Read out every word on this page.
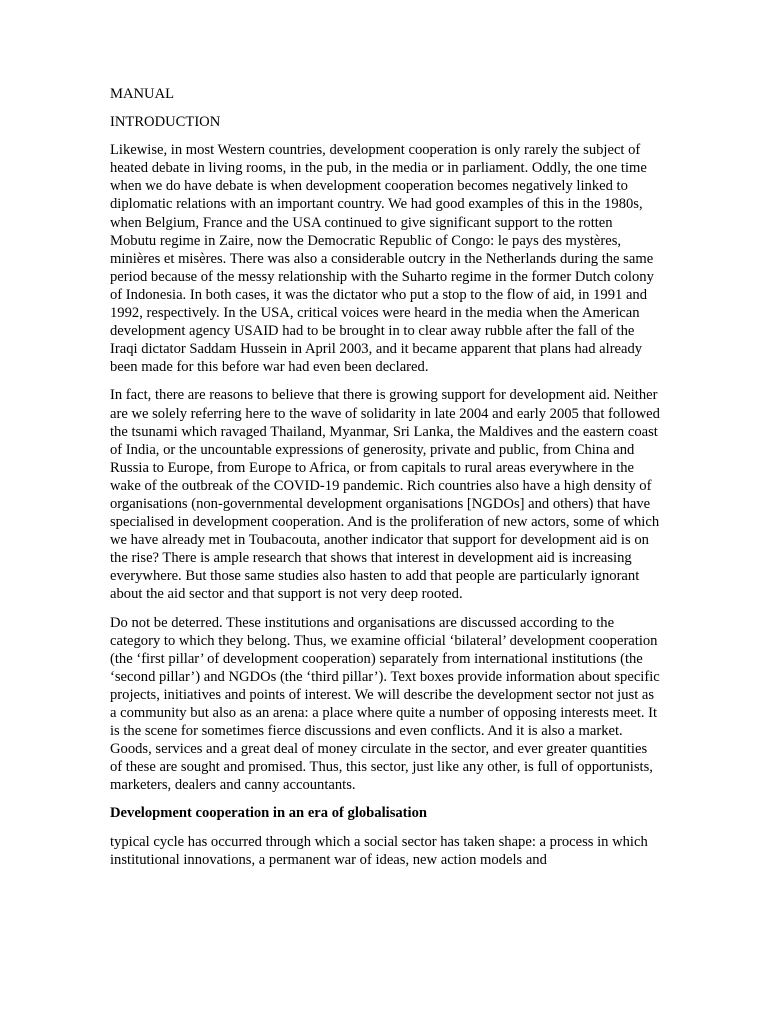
MANUAL

INTRODUCTION

Likewise, in most Western countries, development cooperation is only rarely the subject of heated debate in living rooms, in the pub, in the media or in parliament. Oddly, the one time when we do have debate is when development cooperation becomes negatively linked to diplomatic relations with an important country. We had good examples of this in the 1980s, when Belgium, France and the USA continued to give significant support to the rotten Mobutu regime in Zaire, now the Democratic Republic of Congo: le pays des mystères, minières et misères. There was also a considerable outcry in the Netherlands during the same period because of the messy relationship with the Suharto regime in the former Dutch colony of Indonesia. In both cases, it was the dictator who put a stop to the flow of aid, in 1991 and 1992, respectively. In the USA, critical voices were heard in the media when the American development agency USAID had to be brought in to clear away rubble after the fall of the Iraqi dictator Saddam Hussein in April 2003, and it became apparent that plans had already been made for this before war had even been declared.

In fact, there are reasons to believe that there is growing support for development aid. Neither are we solely referring here to the wave of solidarity in late 2004 and early 2005 that followed the tsunami which ravaged Thailand, Myanmar, Sri Lanka, the Maldives and the eastern coast of India, or the uncountable expressions of generosity, private and public, from China and Russia to Europe, from Europe to Africa, or from capitals to rural areas everywhere in the wake of the outbreak of the COVID-19 pandemic. Rich countries also have a high density of organisations (non-governmental development organisations [NGDOs] and others) that have specialised in development cooperation. And is the proliferation of new actors, some of which we have already met in Toubacouta, another indicator that support for development aid is on the rise? There is ample research that shows that interest in development aid is increasing everywhere. But those same studies also hasten to add that people are particularly ignorant about the aid sector and that support is not very deep rooted.

Do not be deterred. These institutions and organisations are discussed according to the category to which they belong. Thus, we examine official ‘bilateral’ development cooperation (the ‘first pillar’ of development cooperation) separately from international institutions (the ‘second pillar’) and NGDOs (the ‘third pillar’). Text boxes provide information about specific projects, initiatives and points of interest. We will describe the development sector not just as a community but also as an arena: a place where quite a number of opposing interests meet. It is the scene for sometimes fierce discussions and even conflicts. And it is also a market. Goods, services and a great deal of money circulate in the sector, and ever greater quantities of these are sought and promised. Thus, this sector, just like any other, is full of opportunists, marketers, dealers and canny accountants.

Development cooperation in an era of globalisation

typical cycle has occurred through which a social sector has taken shape: a process in which institutional innovations, a permanent war of ideas, new action models and
